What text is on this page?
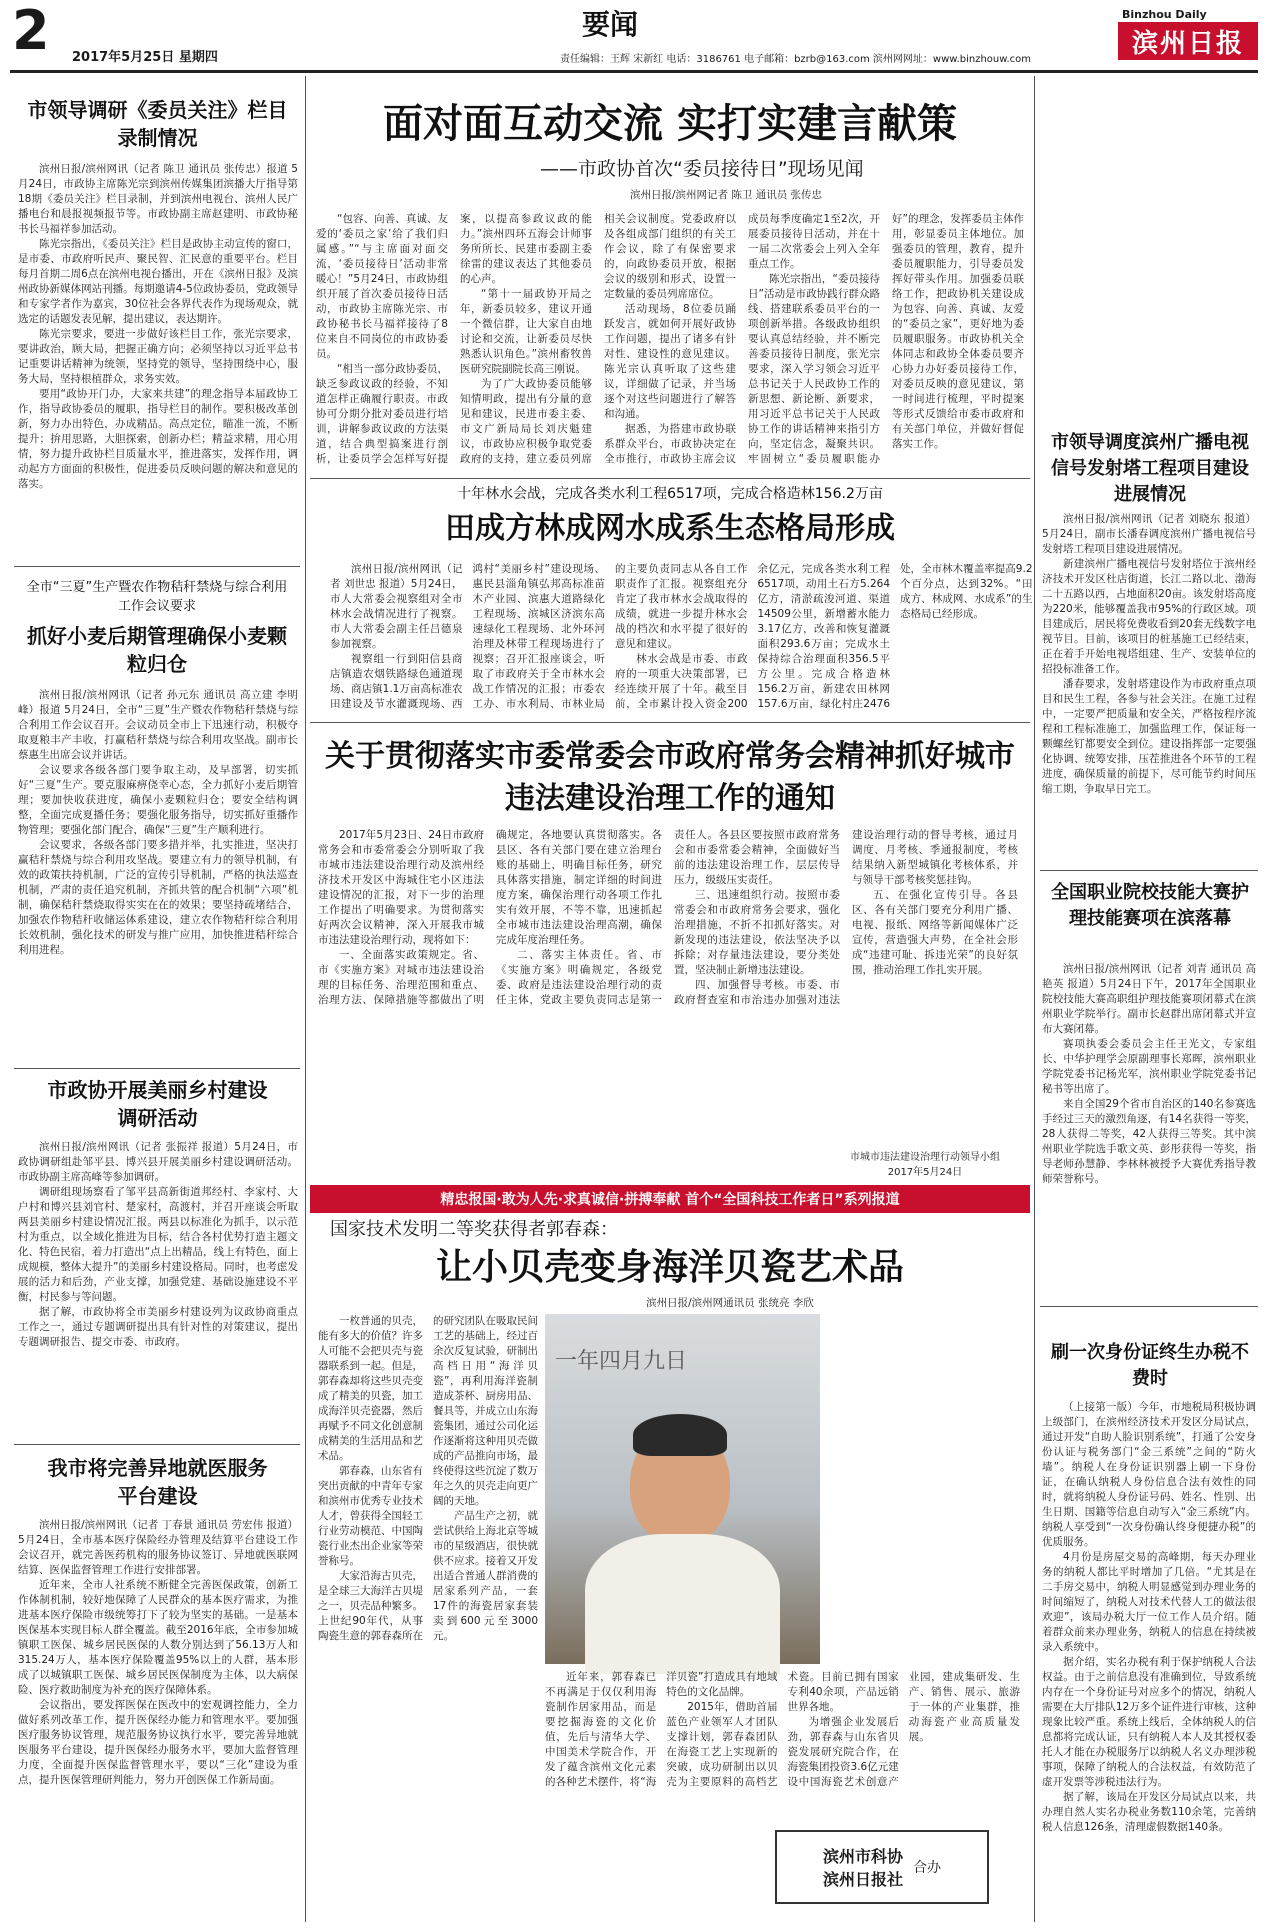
2 2017年5月25日 星期四
要闻
责任编辑：王辉 宋新红 电话：3186761 电子邮箱：bzrb@163.com 滨州网网址：www.binzhouw.com
Binzhou Daily
滨州日报
市领导调研《委员关注》栏目录制情况

滨州日报/滨州网讯（记者 陈卫 通讯员 张传忠）报道 5月24日，市政协主席陈光宗到滨州传媒集团滨播大厅指导第18期《委员关注》栏目录制，并到滨州电视台、滨州人民广播电台和晨报视频报节等。市政协副主席赵建明、市政协秘书长马福祥参加活动。

陈光宗指出，《委员关注》栏目是政协主动宣传的窗口，是市委、市政府听民声、聚民智、汇民意的重要平台。栏目每月首期二周6点在滨州电视台播出，开在《滨州日报》及滨州政协新媒体网站刊播。每期邀请4-5位政协委员，党政领导和专家学者作为嘉宾，30位社会各界代表作为现场观众，就选定的话题发表见解，提出建议，表达期许。

陈光宗要求，要进一步做好该栏目工作，张光宗要求，要讲政治，顾大局，把握正确方向；必须坚持以习近平总书记重要讲话精神为统领，坚持党的领导，坚持围绕中心，服务大局，坚持根植群众，求务实效。

要用“政协开门办，大家来共建”的理念指导本届政协工作，指导政协委员的履职，指导栏目的制作。要积极改革创新，努力办出特色，办成精品。高点定位，瞄准一流，不断提升；拚用思路，大胆探索，创新办栏；精益求精，用心用情，努力提升政协栏目质量水平，推进落实，发挥作用，调动起方方面面的积极性，促进委员反映问题的解决和意见的落实。

全市“三夏”生产暨农作物秸秆禁烧与综合利用工作会议要求
抓好小麦后期管理确保小麦颗粒归仓

滨州日报/滨州网讯（记者 孙元东 通讯员 高立建 李明峰）报道 5月24日，全市“三夏”生产暨农作物秸秆禁烧与综合利用工作会议召开。会议动员全市上下迅速行动，积极夺取夏粮丰产丰收，打赢秸秆禁烧与综合利用攻坚战。副市长蔡惠生出席会议并讲话。

会议要求各级各部门要争取主动，及早部署，切实抓好“三夏”生产。要克服麻痹侥幸心态，全力抓好小麦后期管理；要加快收获进度，确保小麦颗粒归仓；要安全结构调整，全面完成夏播任务；要强化服务指导，切实抓好重播作物管理；要强化部门配合，确保“三夏”生产顺利进行。

会议要求，各级各部门要多措并举，扎实推进，坚决打赢秸秆禁烧与综合利用攻坚战。要建立有力的领导机制，有效的政策扶持机制，广泛的宣传引导机制，严格的执法巡查机制，严肃的责任追究机制，齐抓共管的配合机制“六项”机制，确保秸秆禁烧取得实实在在的效果；要坚持疏堵结合，加强农作物秸秆收储运体系建设，建立农作物秸秆综合利用长效机制，强化技术的研发与推广应用，加快推进秸秆综合利用进程。

市政协开展美丽乡村建设调研活动

滨州日报/滨州网讯（记者 张振祥 报道）5月24日，市政协调研组赴邹平县、博兴县开展美丽乡村建设调研活动。市政协副主席高峰等参加调研。

调研组现场察看了邹平县高新街道邦经村、李家村、大户村和博兴县刘官村、楚家村，高渡村，并召开座谈会听取两县美丽乡村建设情况汇报。两县以标准化为抓手，以示范村为重点，以全域化推进为目标，结合各村优势打造主题文化、特色民宿，着力打造出“点上出精品，线上有特色，面上成规模，整体大提升”的美丽乡村建设格局。同时，也考虑发展的活力和后劲，产业支撑，加强党建、基础设施建设不平衡，村民参与等问题。

据了解，市政协将全市美丽乡村建设列为议政协商重点工作之一，通过专题调研提出具有针对性的对策建议，提出专题调研报告、提交市委、市政府。

我市将完善异地就医服务平台建设

滨州日报/滨州网讯（记者 丁春景 通讯员 劳宏伟 报道）5月24日，全市基本医疗保险经办管理及结算平台建设工作会议召开，就完善医药机构的服务协议签订、异地就医联网结算、医保监督管理工作进行安排部署。

近年来，全市人社系统不断健全完善医保政策，创新工作体制机制，较好地保障了人民群众的基本医疗需求，为推进基本医疗保险市级统筹打下了较为坚实的基础。一是基本医保基本实现目标人群全覆盖。截至2016年底，全市参加城镇职工医保、城乡居民医保的人数分别达到了56.13万人和315.24万人，基本医疗保险覆盖95%以上的人群，基本形成了以城镇职工医保、城乡居民医保制度为主体，以大病保险、医疗救助制度为补充的医疗保障体系。

会议指出，要发挥医保在医改中的宏观调控能力，全力做好系列改革工作，提升医保经办能力和管理水平。要加强医疗服务协议管理，规范服务协议执行水平，要完善异地就医服务平台建设，提升医保经办服务水平，要加大监督管理力度，全面提升医保监督管理水平，要以“三化”建设为重点，提升医保管理研判能力，努力开创医保工作新局面。

面对面互动交流 实打实建言献策
——市政协首次“委员接待日”现场见闻
滨州日报/滨州网记者 陈卫 通讯员 张传忠

“包容、向善、真诚、友爱的‘委员之家’给了我们归属感。”“与主席面对面交流，‘委员接待日’活动非常暖心！”5月24日，市政协组织开展了首次委员接待日活动，市政协主席陈光宗、市政协秘书长马福祥接待了8位来自不同岗位的市政协委员。

“相当一部分政协委员，缺乏参政议政的经验，不知道怎样正确履行职责。市政协可分期分批对委员进行培训，讲解参政议政的方法渠道，结合典型搞案进行剖析，让委员学会怎样写好提案，以提高参政议政的能力。”滨州四环五海会计师事务所所长、民建市委副主委徐雷的建议表达了其他委员的心声。

“第十一届政协开局之年，新委员较多，建议开通一个微信群，让大家自由地讨论和交流，让新委员尽快熟悉认识角色。”滨州畜牧兽医研究院副院长高三刚说。

为了广大政协委员能够知情明政，提出有分量的意见和建议，民进市委主委、市文广新局局长刘庆魁建议，市政协应积极争取党委政府的支持，建立委员列席相关会议制度。党委政府以及各组成部门组织的有关工作会议，除了有保密要求的，向政协委员开放，根据会议的级别和形式，设置一定数量的委员列席席位。

活动现场，8位委员踊跃发言，就如何开展好政协工作问题，提出了诸多有针对性、建设性的意见建议。陈光宗认真听取了这些建议，详细做了记录，并当场逐个对这些问题进行了解答和沟通。

据悉，为搭建市政协联系群众平台，市政协决定在全市推行，市政协主席会议成员每季度确定1至2次，开展委员接待日活动，并在十一届二次常委会上列入全年重点工作。

陈光宗指出，“委员接待日”活动是市政协践行群众路线、搭建联系委员平台的一项创新举措。各级政协组织要认真总结经验，并不断完善委员接待日制度，张光宗要求，深入学习领会习近平总书记关于人民政协工作的新思想、新论断、新要求，用习近平总书记关于人民政协工作的讲话精神来指引方向，坚定信念，凝聚共识。牢固树立“委员履职能办好”的理念，发挥委员主体作用，彰显委员主体地位。加强委员的管理，教育，提升委员履职能力，引导委员发挥好带头作用。加强委员联络工作，把政协机关建设成为包容、向善、真诚、友爱的“委员之家”，更好地为委员履职服务。市政协机关全体同志和政协全体委员要齐心协力办好委员接待工作，对委员反映的意见建议，第一时间进行梳理，平时提案等形式反馈给市委市政府和有关部门单位，并做好督促落实工作。

十年林水会战，完成各类水利工程6517项，完成合格造林156.2万亩
田成方林成网水成系生态格局形成

滨州日报/滨州网讯（记者 刘世忠 报道）5月24日，市人大常委会视察组对全市林水会战情况进行了视察。市人大常委会副主任吕德泉参加视察。

视察组一行到阳信县商店镇造农烟铁路绿色通道现场、商店镇1.1万亩高标准农田建设及节水灌溉现场、西鸿村“美丽乡村”建设现场、惠民县淄角镇弘邦高标准苗木产业园、滨惠大道路绿化工程现场、滨城区济滨东高速绿化工程现场、北外环河治理及林带工程现场进行了视察；召开汇报座谈会，听取了市政府关于全市林水会战工作情况的汇报；市委农工办、市水利局、市林业局的主要负责同志从各自工作职责作了汇报。视察组充分肯定了我市林水会战取得的成绩，就进一步提升林水会战的档次和水平提了很好的意见和建议。

林水会战是市委、市政府的一项重大决策部署，已经连续开展了十年。截至目前，全市累计投入资金200余亿元，完成各类水利工程6517项，动用土石方5.264亿方，清淤疏浚河道、渠道14509公里，新增蓄水能力3.17亿方，改善和恢复灌溉面积293.6万亩；完成水土保持综合治理面积356.5平方公里。完成合格造林156.2万亩，新建农田林网157.6万亩，绿化村庄2476处，全市林木覆盖率提高9.2个百分点，达到32%。“田成方、林成网、水成系”的生态格局已经形成。

关于贯彻落实市委常委会市政府常务会精神抓好城市违法建设治理工作的通知

2017年5月23日、24日市政府常务会和市委常委会分别听取了我市城市违法建设治理行动及滨州经济技术开发区中海城住宅小区违法建设情况的汇报，对下一步的治理工作提出了明确要求。为贯彻落实好两次会议精神，深入开展我市城市违法建设治理行动，现将如下：

一、全面落实政策规定。省、市《实施方案》对城市违法建设治理的目标任务、治理范围和重点、治理方法、保障措施等都做出了明确规定，各地要认真贯彻落实。各县区、各有关部门要在建立治理台账的基础上，明确目标任务，研究具体落实措施，制定详细的时间进度方案，确保治理行动各项工作扎实有效开展，不等不靠，迅速抓起全市城市违法建设治理高潮，确保完成年度治理任务。

二、落实主体责任。省、市《实施方案》明确规定，各级党委、政府是违法建设治理行动的责任主体，党政主要负责同志是第一责任人。各县区要按照市政府常务会和市委常委会精神，全面做好当前的违法建设治理工作，层层传导压力，级级压实责任。

三、迅速组织行动。按照市委常委会和市政府常务会要求，强化治理措施，不折不扣抓好落实。对新发现的违法建设，依法坚决予以拆除；对存量违法建设，要分类处置，坚决制止新增违法建设。

四、加强督导考核。市委、市政府督查室和市治违办加强对违法建设治理行动的督导考核，通过月调度、月考核、季通报制度，考核结果纳入新型城镇化考核体系，并与领导干部考核奖惩挂钩。

五、在强化宣传引导。各县区、各有关部门要充分利用广播、电视、报纸、网络等新闻媒体广泛宣传，营造强大声势，在全社会形成“违建可耻、拆违光荣”的良好氛围，推动治理工作扎实开展。

市城市违法建设治理行动领导小组
2017年5月24日
精忠报国·敢为人先·求真诚信·拼搏奉献 首个“全国科技工作者日”系列报道
国家技术发明二等奖获得者郭春森：
让小贝壳变身海洋贝瓷艺术品
滨州日报/滨州网通讯员 张统亮 李欣
一年四月九日

一枚普通的贝壳，能有多大的价值？许多人可能不会把贝壳与瓷器联系到一起。但是，郭春森却将这些贝壳变成了精美的贝瓷，加工成海洋贝壳瓷器，然后再赋予不同文化创意制成精美的生活用品和艺术品。

郭春森，山东省有突出贡献的中青年专家和滨州市优秀专业技术人才，曾获得全国轻工行业劳动模范、中国陶瓷行业杰出企业家等荣誉称号。

大家沿海古贝壳，是全球三大海洋古贝堤之一，贝壳品种繁多。上世纪90年代，从事陶瓷生意的郭春森所在的研究团队在吸取民间工艺的基础上，经过百余次反复试验，研制出高档日用“海洋贝瓷”，再利用海洋瓷制造成茶杯、厨房用品、餐具等，并成立山东海瓷集团，通过公司化运作逐渐将这种用贝壳做成的产品推向市场，最终使得这些沉淀了数万年之久的贝壳走向更广阔的天地。

产品生产之初，就尝试供给上海北京等城市的星级酒店，很快就供不应求。接着又开发出适合普通人群消费的居家系列产品，一套17件的海瓷居家套装卖到600元至3000元。

近年来，郭春森已不再满足于仅仅利用海瓷制作居家用品，而是要挖掘海瓷的文化价值，先后与清华大学、中国美术学院合作，开发了蕴含滨州文化元素的各种艺术摆件，将“海洋贝瓷”打造成具有地域特色的文化品牌。

2015年，借助首届蓝色产业领军人才团队支撑计划，郭春森团队在海瓷工艺上实现新的突破，成功研制出以贝壳为主要原料的高档艺术瓷。目前已拥有国家专利40余项，产品远销世界各地。

为增强企业发展后劲，郭春森与山东省贝瓷发展研究院合作，在海瓷集团投资3.6亿元建设中国海瓷艺术创意产业园，建成集研发、生产、销售、展示、旅游于一体的产业集群，推动海瓷产业高质量发展。

滨州市科协
滨州日报社
合办
市领导调度滨州广播电视信号发射塔工程项目建设进展情况

滨州日报/滨州网讯（记者 刘晓东 报道）5月24日，副市长潘春调度滨州广播电视信号发射塔工程项目建设进展情况。

新建滨州广播电视信号发射塔位于滨州经济技术开发区杜店街道，长江二路以北、渤海二十五路以西，占地面积20亩。该发射塔高度为220米，能够覆盖我市95%的行政区域。项目建成后，居民将免费收看到20套无线数字电视节目。目前，该项目的桩基施工已经结束，正在着手开始电视塔组建、生产、安装单位的招投标准备工作。

潘春要求，发射塔建设作为市政府重点项目和民生工程，各参与社会关注。在施工过程中，一定要严把质量和安全关，严格按程序流程和工程标准施工，加强监理工作，保证每一颗螺丝钉都要安全到位。建设指挥部一定要强化协调、统筹安排，压茬推进各个环节的工程进度，确保质量的前提下，尽可能节约时间压缩工期，争取早日完工。

全国职业院校技能大赛护理技能赛项在滨落幕

滨州日报/滨州网讯（记者 刘青 通讯员 高艳英 报道）5月24日下午，2017年全国职业院校技能大赛高职组护理技能赛项闭幕式在滨州职业学院举行。副市长赵群出席闭幕式并宣布大赛闭幕。

赛项执委会委员会主任王光文，专家组长、中华护理学会原副理事长郑晖，滨州职业学院党委书记杨光军，滨州职业学院党委书记秘书等出席了。

来自全国29个省市自治区的140名参赛选手经过三天的激烈角逐，有14名获得一等奖，28人获得二等奖，42人获得三等奖。其中滨州职业学院选手歌文英、彭彤获得一等奖，指导老师孙慧静、李林林被授予大赛优秀指导教师荣誉称号。

刷一次身份证终生办税不费时

（上接第一版）今年，市地税局积极协调上级部门，在滨州经济技术开发区分局试点，通过开发“自助人脸识别系统”，打通了公安身份认证与税务部门“金三系统”之间的“防火墙”。纳税人在身份证识别器上刷一下身份证，在确认纳税人身份信息合法有效性的同时，就将纳税人身份证号码、姓名、性别、出生日期、国籍等信息自动写入“金三系统”内。纳税人享受到“一次身份确认终身便捷办税”的优质服务。

4月份是房屋交易的高峰期，每天办理业务的纳税人都比平时增加了几倍。“尤其是在二手房交易中，纳税人明显感觉到办理业务的时间缩短了，纳税人对技术代替人工的做法很欢迎”，该局办税大厅一位工作人员介绍。随着群众前来办理业务，纳税人的信息在持续被录入系统中。

据介绍，实名办税有利于保护纳税人合法权益。由于之前信息没有准确到位，导致系统内存在一个身份证号对应多个的情况，纳税人需要在大厅排队12万多个证件进行审核，这种现象比较严重。系统上线后，全体纳税人的信息都将完成认证，只有纳税人本人及其授权委托人才能在办税服务厅以纳税人名义办理涉税事项，保障了纳税人的合法权益，有效防范了虚开发票等涉税违法行为。

据了解，该局在开发区分局试点以来，共办理自然人实名办税业务数110余笔，完善纳税人信息126条，清理虚假数据140条。
